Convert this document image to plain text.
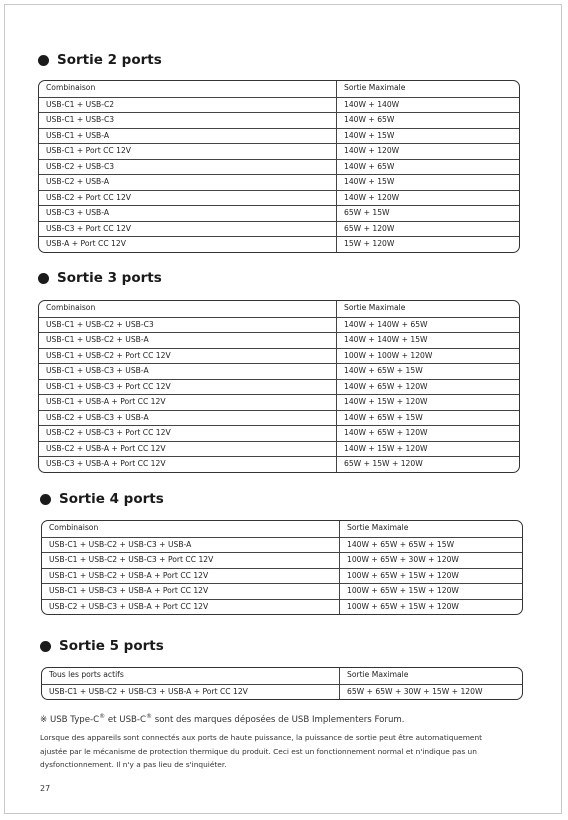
Sortie 2 ports
Combinaison	Sortie Maximale
USB-C1 + USB-C2	140W + 140W
USB-C1 + USB-C3	140W + 65W
USB-C1 + USB-A	140W + 15W
USB-C1 + Port CC 12V	140W + 120W
USB-C2 + USB-C3	140W + 65W
USB-C2 + USB-A	140W + 15W
USB-C2 + Port CC 12V	140W + 120W
USB-C3 + USB-A	65W + 15W
USB-C3 + Port CC 12V	65W + 120W
USB-A + Port CC 12V	15W + 120W
Sortie 3 ports
Combinaison	Sortie Maximale
USB-C1 + USB-C2 + USB-C3	140W + 140W + 65W
USB-C1 + USB-C2 + USB-A	140W + 140W + 15W
USB-C1 + USB-C2 + Port CC 12V	100W + 100W + 120W
USB-C1 + USB-C3 + USB-A	140W + 65W + 15W
USB-C1 + USB-C3 + Port CC 12V	140W + 65W + 120W
USB-C1 + USB-A + Port CC 12V	140W + 15W + 120W
USB-C2 + USB-C3 + USB-A	140W + 65W + 15W
USB-C2 + USB-C3 + Port CC 12V	140W + 65W + 120W
USB-C2 + USB-A + Port CC 12V	140W + 15W + 120W
USB-C3 + USB-A + Port CC 12V	65W + 15W + 120W
Sortie 4 ports
Combinaison	Sortie Maximale
USB-C1 + USB-C2 + USB-C3 + USB-A	140W + 65W + 65W + 15W
USB-C1 + USB-C2 + USB-C3 + Port CC 12V	100W + 65W + 30W + 120W
USB-C1 + USB-C2 + USB-A + Port CC 12V	100W + 65W + 15W + 120W
USB-C1 + USB-C3 + USB-A + Port CC 12V	100W + 65W + 15W + 120W
USB-C2 + USB-C3 + USB-A + Port CC 12V	100W + 65W + 15W + 120W
Sortie 5 ports
Tous les ports actifs	Sortie Maximale
USB-C1 + USB-C2 + USB-C3 + USB-A + Port CC 12V	65W + 65W + 30W + 15W + 120W
※ USB Type-C® et USB-C® sont des marques déposées de USB Implementers Forum.
Lorsque des appareils sont connectés aux ports de haute puissance, la puissance de sortie peut être automatiquement ajustée par le mécanisme de protection thermique du produit. Ceci est un fonctionnement normal et n'indique pas un dysfonctionnement. Il n'y a pas lieu de s'inquiéter.
27
